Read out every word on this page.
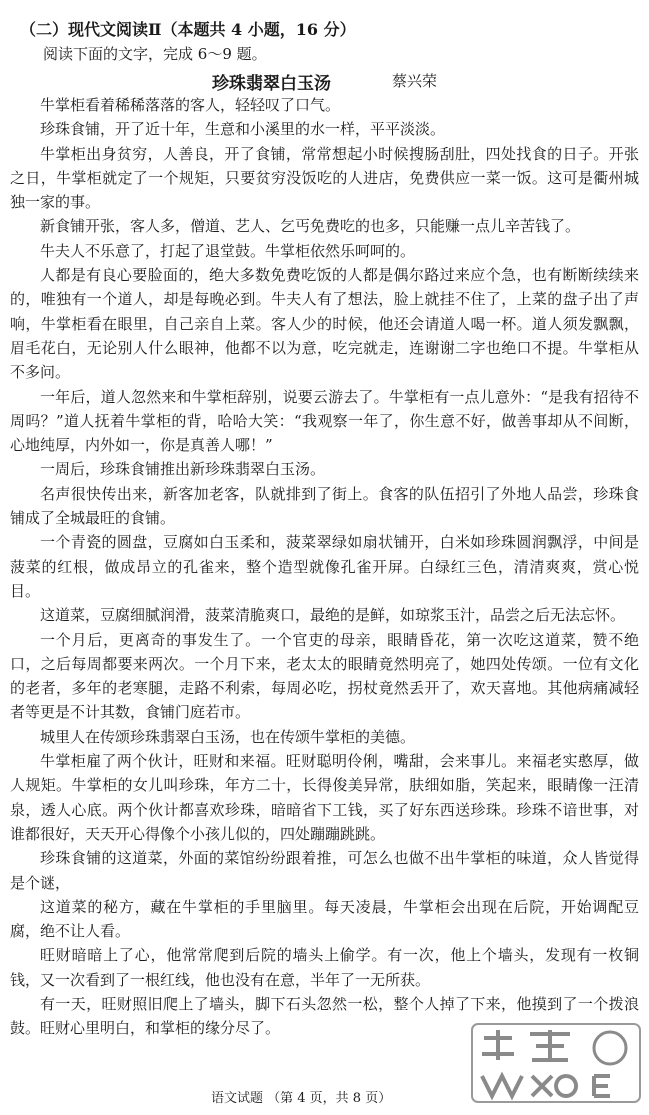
（二）现代文阅读Ⅱ（本题共 4 小题，16 分）
阅读下面的文字，完成 6～9 题。
珍珠翡翠白玉汤	蔡兴荣

牛掌柜看着稀稀落落的客人，轻轻叹了口气。

珍珠食铺，开了近十年，生意和小溪里的水一样，平平淡淡。

牛掌柜出身贫穷，人善良，开了食铺，常常想起小时候搜肠刮肚，四处找食的日子。开张之日，牛掌柜就定了一个规矩，只要贫穷没饭吃的人进店，免费供应一菜一饭。这可是衢州城独一家的事。

新食铺开张，客人多，僧道、艺人、乞丐免费吃的也多，只能赚一点儿辛苦钱了。

牛夫人不乐意了，打起了退堂鼓。牛掌柜依然乐呵呵的。

人都是有良心要脸面的，绝大多数免费吃饭的人都是偶尔路过来应个急，也有断断续续来的，唯独有一个道人，却是每晚必到。牛夫人有了想法，脸上就挂不住了，上菜的盘子出了声响，牛掌柜看在眼里，自己亲自上菜。客人少的时候，他还会请道人喝一杯。道人须发飘飘，眉毛花白，无论别人什么眼神，他都不以为意，吃完就走，连谢谢二字也绝口不提。牛掌柜从不多问。

一年后，道人忽然来和牛掌柜辞别，说要云游去了。牛掌柜有一点儿意外：“是我有招待不周吗？”道人抚着牛掌柜的背，哈哈大笑：“我观察一年了，你生意不好，做善事却从不间断，心地纯厚，内外如一，你是真善人哪！”

一周后，珍珠食铺推出新珍珠翡翠白玉汤。

名声很快传出来，新客加老客，队就排到了街上。食客的队伍招引了外地人品尝，珍珠食铺成了全城最旺的食铺。

一个青瓷的圆盘，豆腐如白玉柔和，菠菜翠绿如扇状铺开，白米如珍珠圆润飘浮，中间是菠菜的红根，做成昂立的孔雀来，整个造型就像孔雀开屏。白绿红三色，清清爽爽，赏心悦目。

这道菜，豆腐细腻润滑，菠菜清脆爽口，最绝的是鲜，如琼浆玉汁，品尝之后无法忘怀。

一个月后，更离奇的事发生了。一个官吏的母亲，眼睛昏花，第一次吃这道菜，赞不绝口，之后每周都要来两次。一个月下来，老太太的眼睛竟然明亮了，她四处传颂。一位有文化的老者，多年的老寒腿，走路不利索，每周必吃，拐杖竟然丢开了，欢天喜地。其他病痛减轻者等更是不计其数，食铺门庭若市。

城里人在传颂珍珠翡翠白玉汤，也在传颂牛掌柜的美德。

牛掌柜雇了两个伙计，旺财和来福。旺财聪明伶俐，嘴甜，会来事儿。来福老实憨厚，做人规矩。牛掌柜的女儿叫珍珠，年方二十，长得俊美异常，肤细如脂，笑起来，眼睛像一汪清泉，透人心底。两个伙计都喜欢珍珠，暗暗省下工钱，买了好东西送珍珠。珍珠不谙世事，对谁都很好，天天开心得像个小孩儿似的，四处蹦蹦跳跳。

珍珠食铺的这道菜，外面的菜馆纷纷跟着推，可怎么也做不出牛掌柜的味道，众人皆觉得是个谜，

这道菜的秘方，藏在牛掌柜的手里脑里。每天凌晨，牛掌柜会出现在后院，开始调配豆腐，绝不让人看。

旺财暗暗上了心，他常常爬到后院的墙头上偷学。有一次，他上个墙头，发现有一枚铜钱，又一次看到了一根红线，他也没有在意，半年了一无所获。

有一天，旺财照旧爬上了墙头，脚下石头忽然一松，整个人掉了下来，他摸到了一个拨浪鼓。旺财心里明白，和掌柜的缘分尽了。

语文试题 （第 4 页，共 8 页）
